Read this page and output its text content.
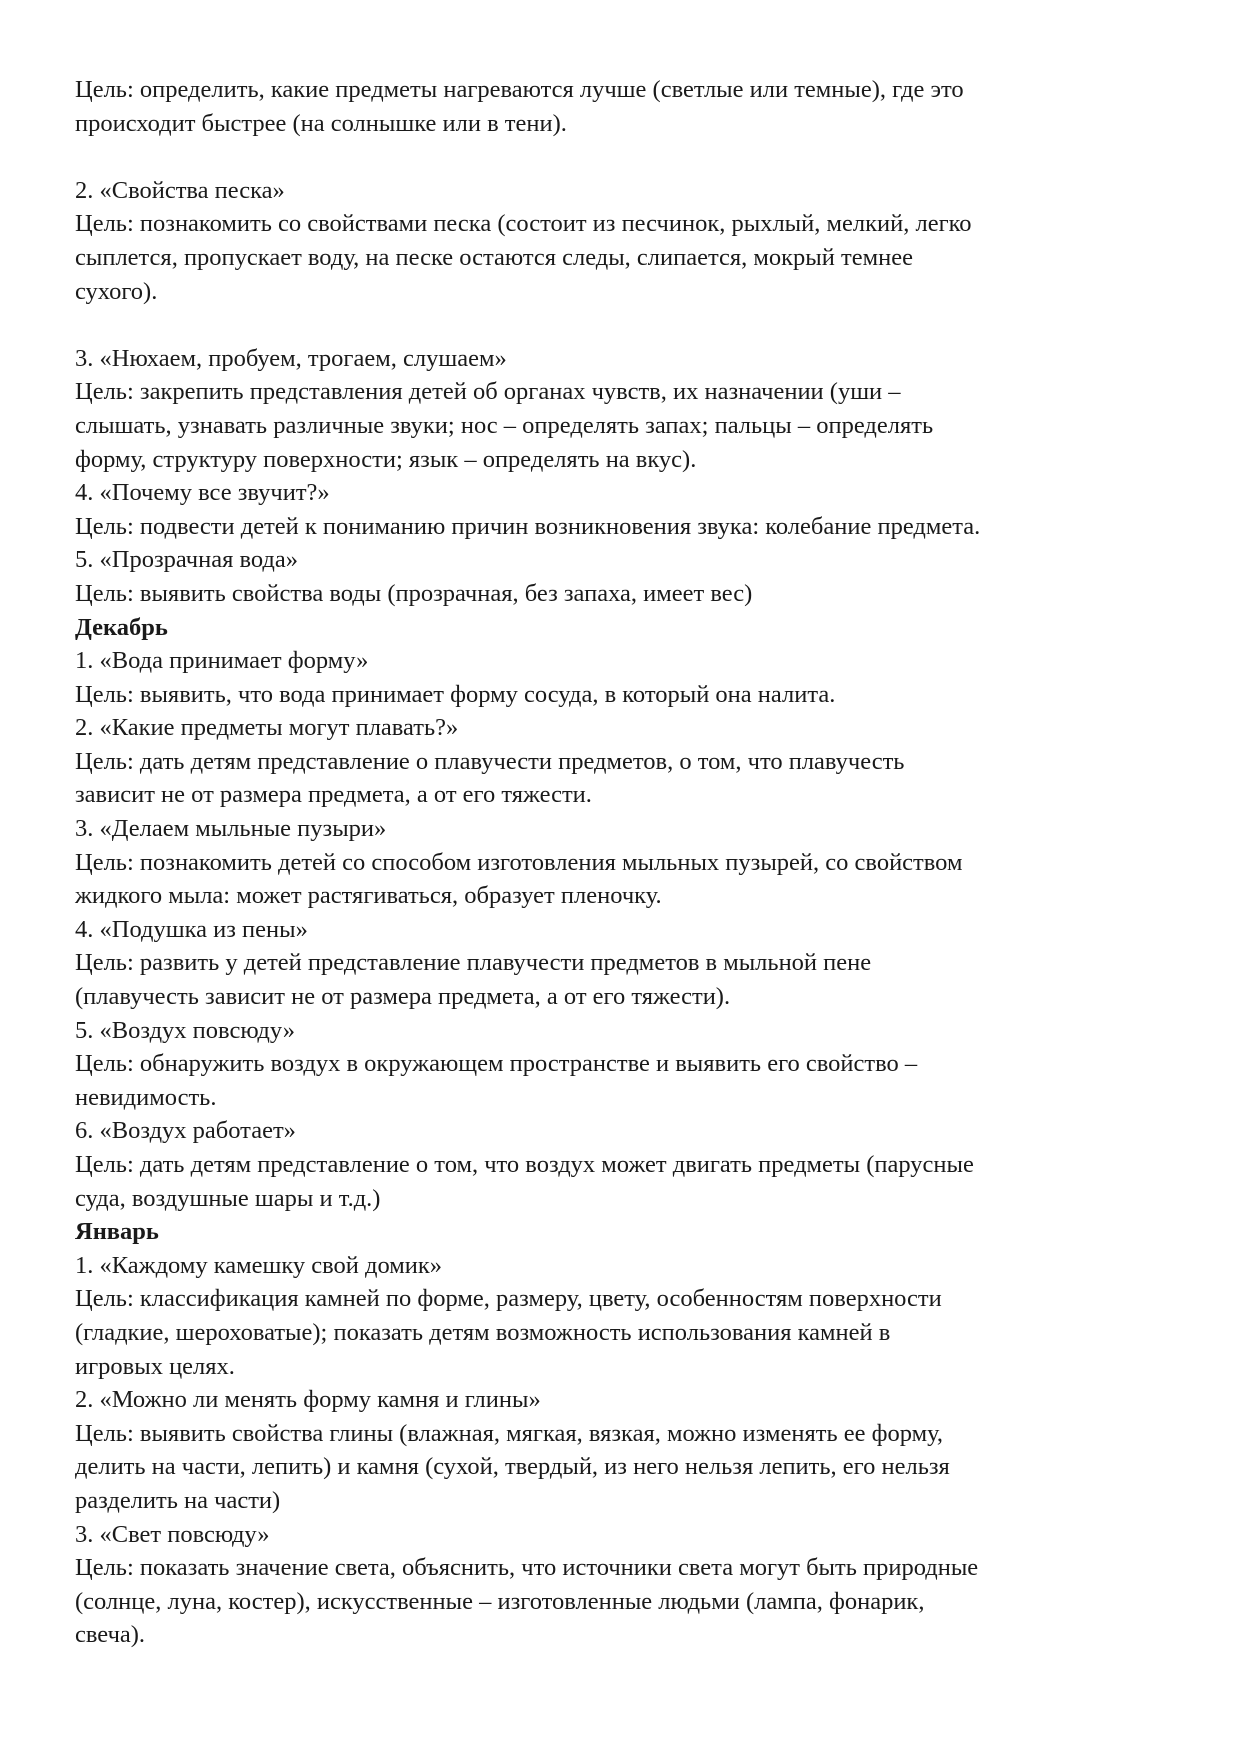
Цель: определить, какие предметы нагреваются лучше (светлые или темные), где это
происходит быстрее (на солнышке или в тени).
2. «Свойства песка»
Цель: познакомить со свойствами песка (состоит из песчинок, рыхлый, мелкий, легко
сыплется, пропускает воду, на песке остаются следы, слипается, мокрый темнее
сухого).
3. «Нюхаем, пробуем, трогаем, слушаем»
Цель: закрепить представления детей об органах чувств, их назначении (уши –
слышать, узнавать различные звуки; нос – определять запах; пальцы – определять
форму, структуру поверхности; язык – определять на вкус).
4. «Почему все звучит?»
Цель: подвести детей к пониманию причин возникновения звука: колебание предмета.
5. «Прозрачная вода»
Цель: выявить свойства воды (прозрачная, без запаха, имеет вес)
Декабрь
1. «Вода принимает форму»
Цель: выявить, что вода принимает форму сосуда, в который она налита.
2. «Какие предметы могут плавать?»
Цель: дать детям представление о плавучести предметов, о том, что плавучесть
зависит не от размера предмета, а от его тяжести.
3. «Делаем мыльные пузыри»
Цель: познакомить детей со способом изготовления мыльных пузырей, со свойством
жидкого мыла: может растягиваться, образует пленочку.
4. «Подушка из пены»
Цель: развить у детей представление плавучести предметов в мыльной пене
(плавучесть зависит не от размера предмета, а от его тяжести).
5. «Воздух повсюду»
Цель: обнаружить воздух в окружающем пространстве и выявить его свойство –
невидимость.
6. «Воздух работает»
Цель: дать детям представление о том, что воздух может двигать предметы (парусные
суда, воздушные шары и т.д.)
Январь
1. «Каждому камешку свой домик»
Цель: классификация камней по форме, размеру, цвету, особенностям поверхности
(гладкие, шероховатые); показать детям возможность использования камней в
игровых целях.
2. «Можно ли менять форму камня и глины»
Цель: выявить свойства глины (влажная, мягкая, вязкая, можно изменять ее форму,
делить на части, лепить) и камня (сухой, твердый, из него нельзя лепить, его нельзя
разделить на части)
3. «Свет повсюду»
Цель: показать значение света, объяснить, что источники света могут быть природные
(солнце, луна, костер), искусственные – изготовленные людьми (лампа, фонарик,
свеча).
